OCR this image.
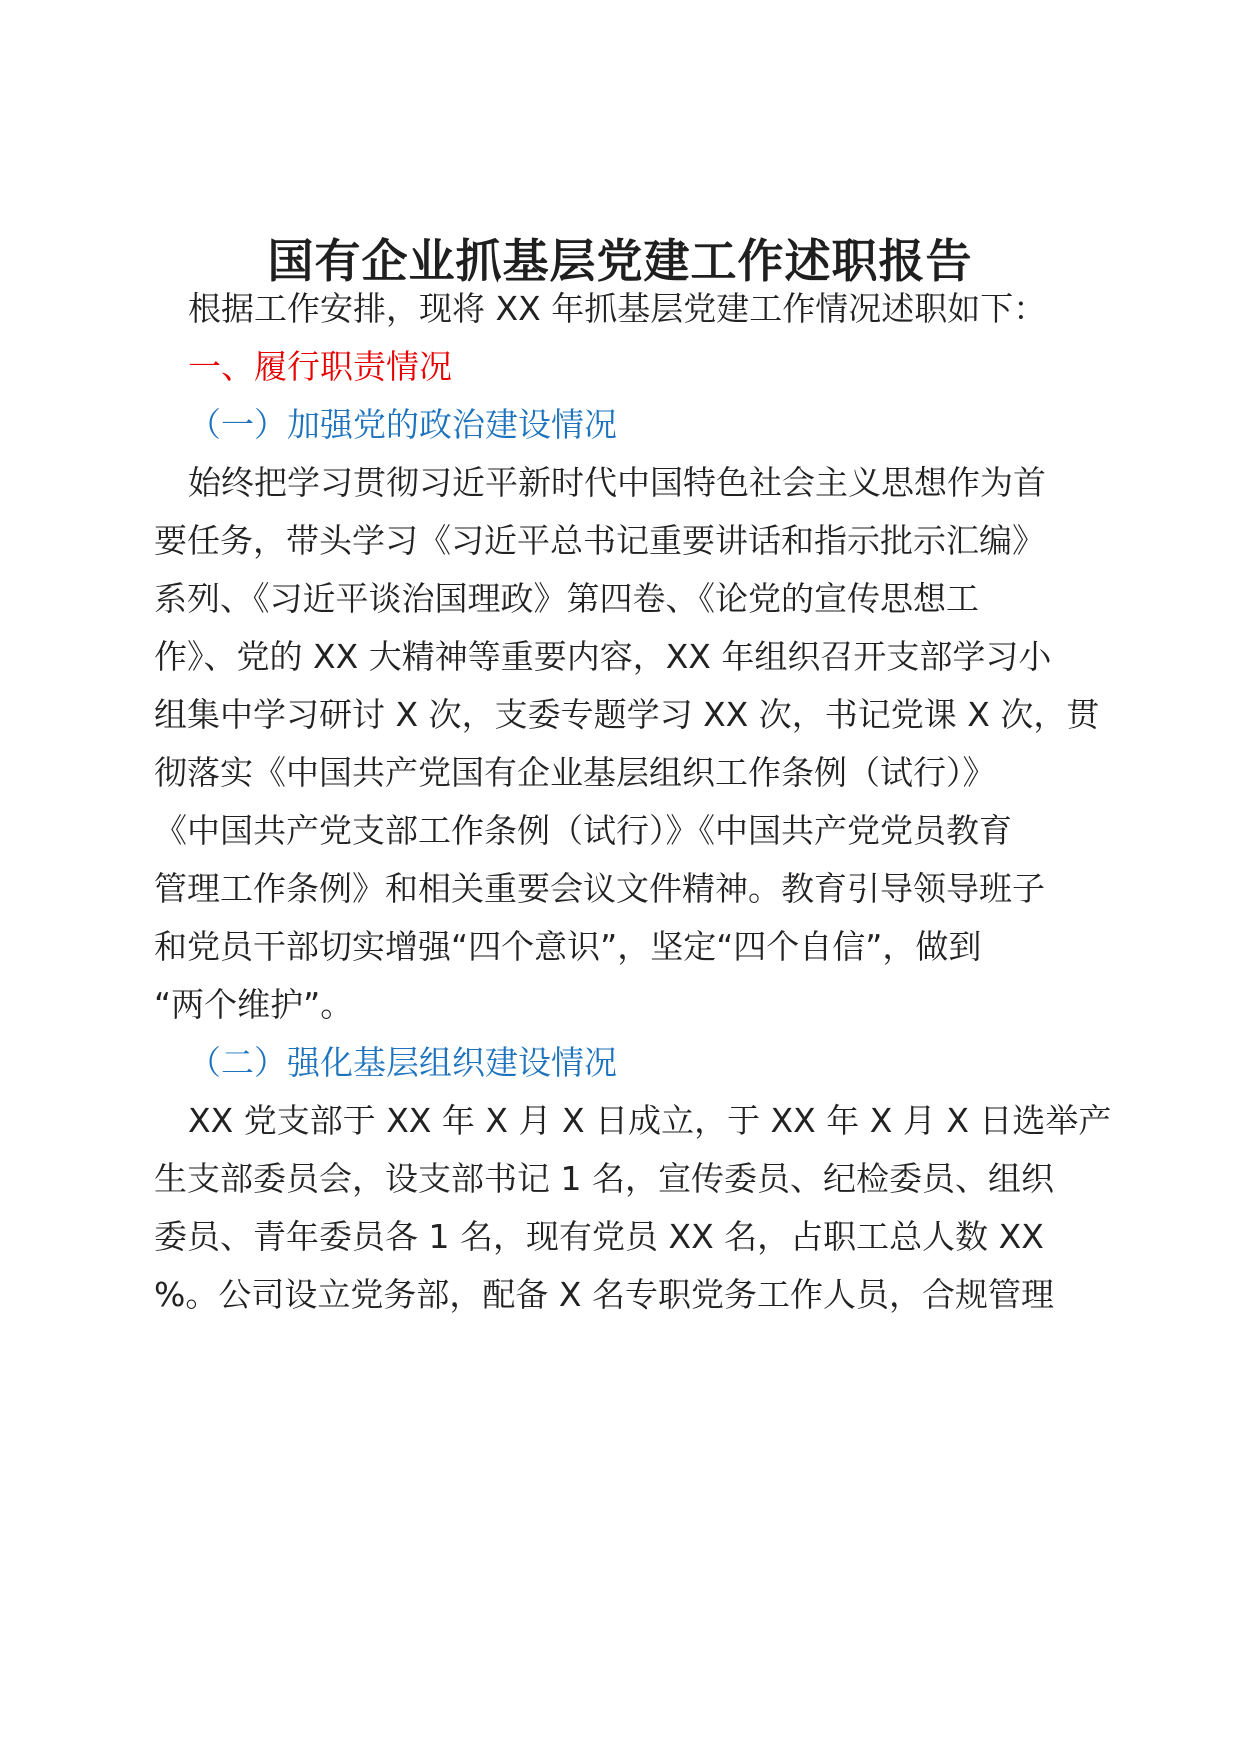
国有企业抓基层党建工作述职报告
根据工作安排，现将 XX 年抓基层党建工作情况述职如下：
一、履行职责情况
（一）加强党的政治建设情况
始终把学习贯彻习近平新时代中国特色社会主义思想作为首
要任务，带头学习《习近平总书记重要讲话和指示批示汇编》
系列、《习近平谈治国理政》第四卷、《论党的宣传思想工
作》、党的 XX 大精神等重要内容，XX 年组织召开支部学习小
组集中学习研讨 X 次，支委专题学习 XX 次，书记党课 X 次，贯
彻落实《中国共产党国有企业基层组织工作条例（试行）》
《中国共产党支部工作条例（试行）》《中国共产党党员教育
管理工作条例》和相关重要会议文件精神。教育引导领导班子
和党员干部切实增强“四个意识”，坚定“四个自信”，做到
“两个维护”。
（二）强化基层组织建设情况
XX 党支部于 XX 年 X 月 X 日成立，于 XX 年 X 月 X 日选举产
生支部委员会，设支部书记 1 名，宣传委员、纪检委员、组织
委员、青年委员各 1 名，现有党员 XX 名，占职工总人数 XX
%。公司设立党务部，配备 X 名专职党务工作人员，合规管理
